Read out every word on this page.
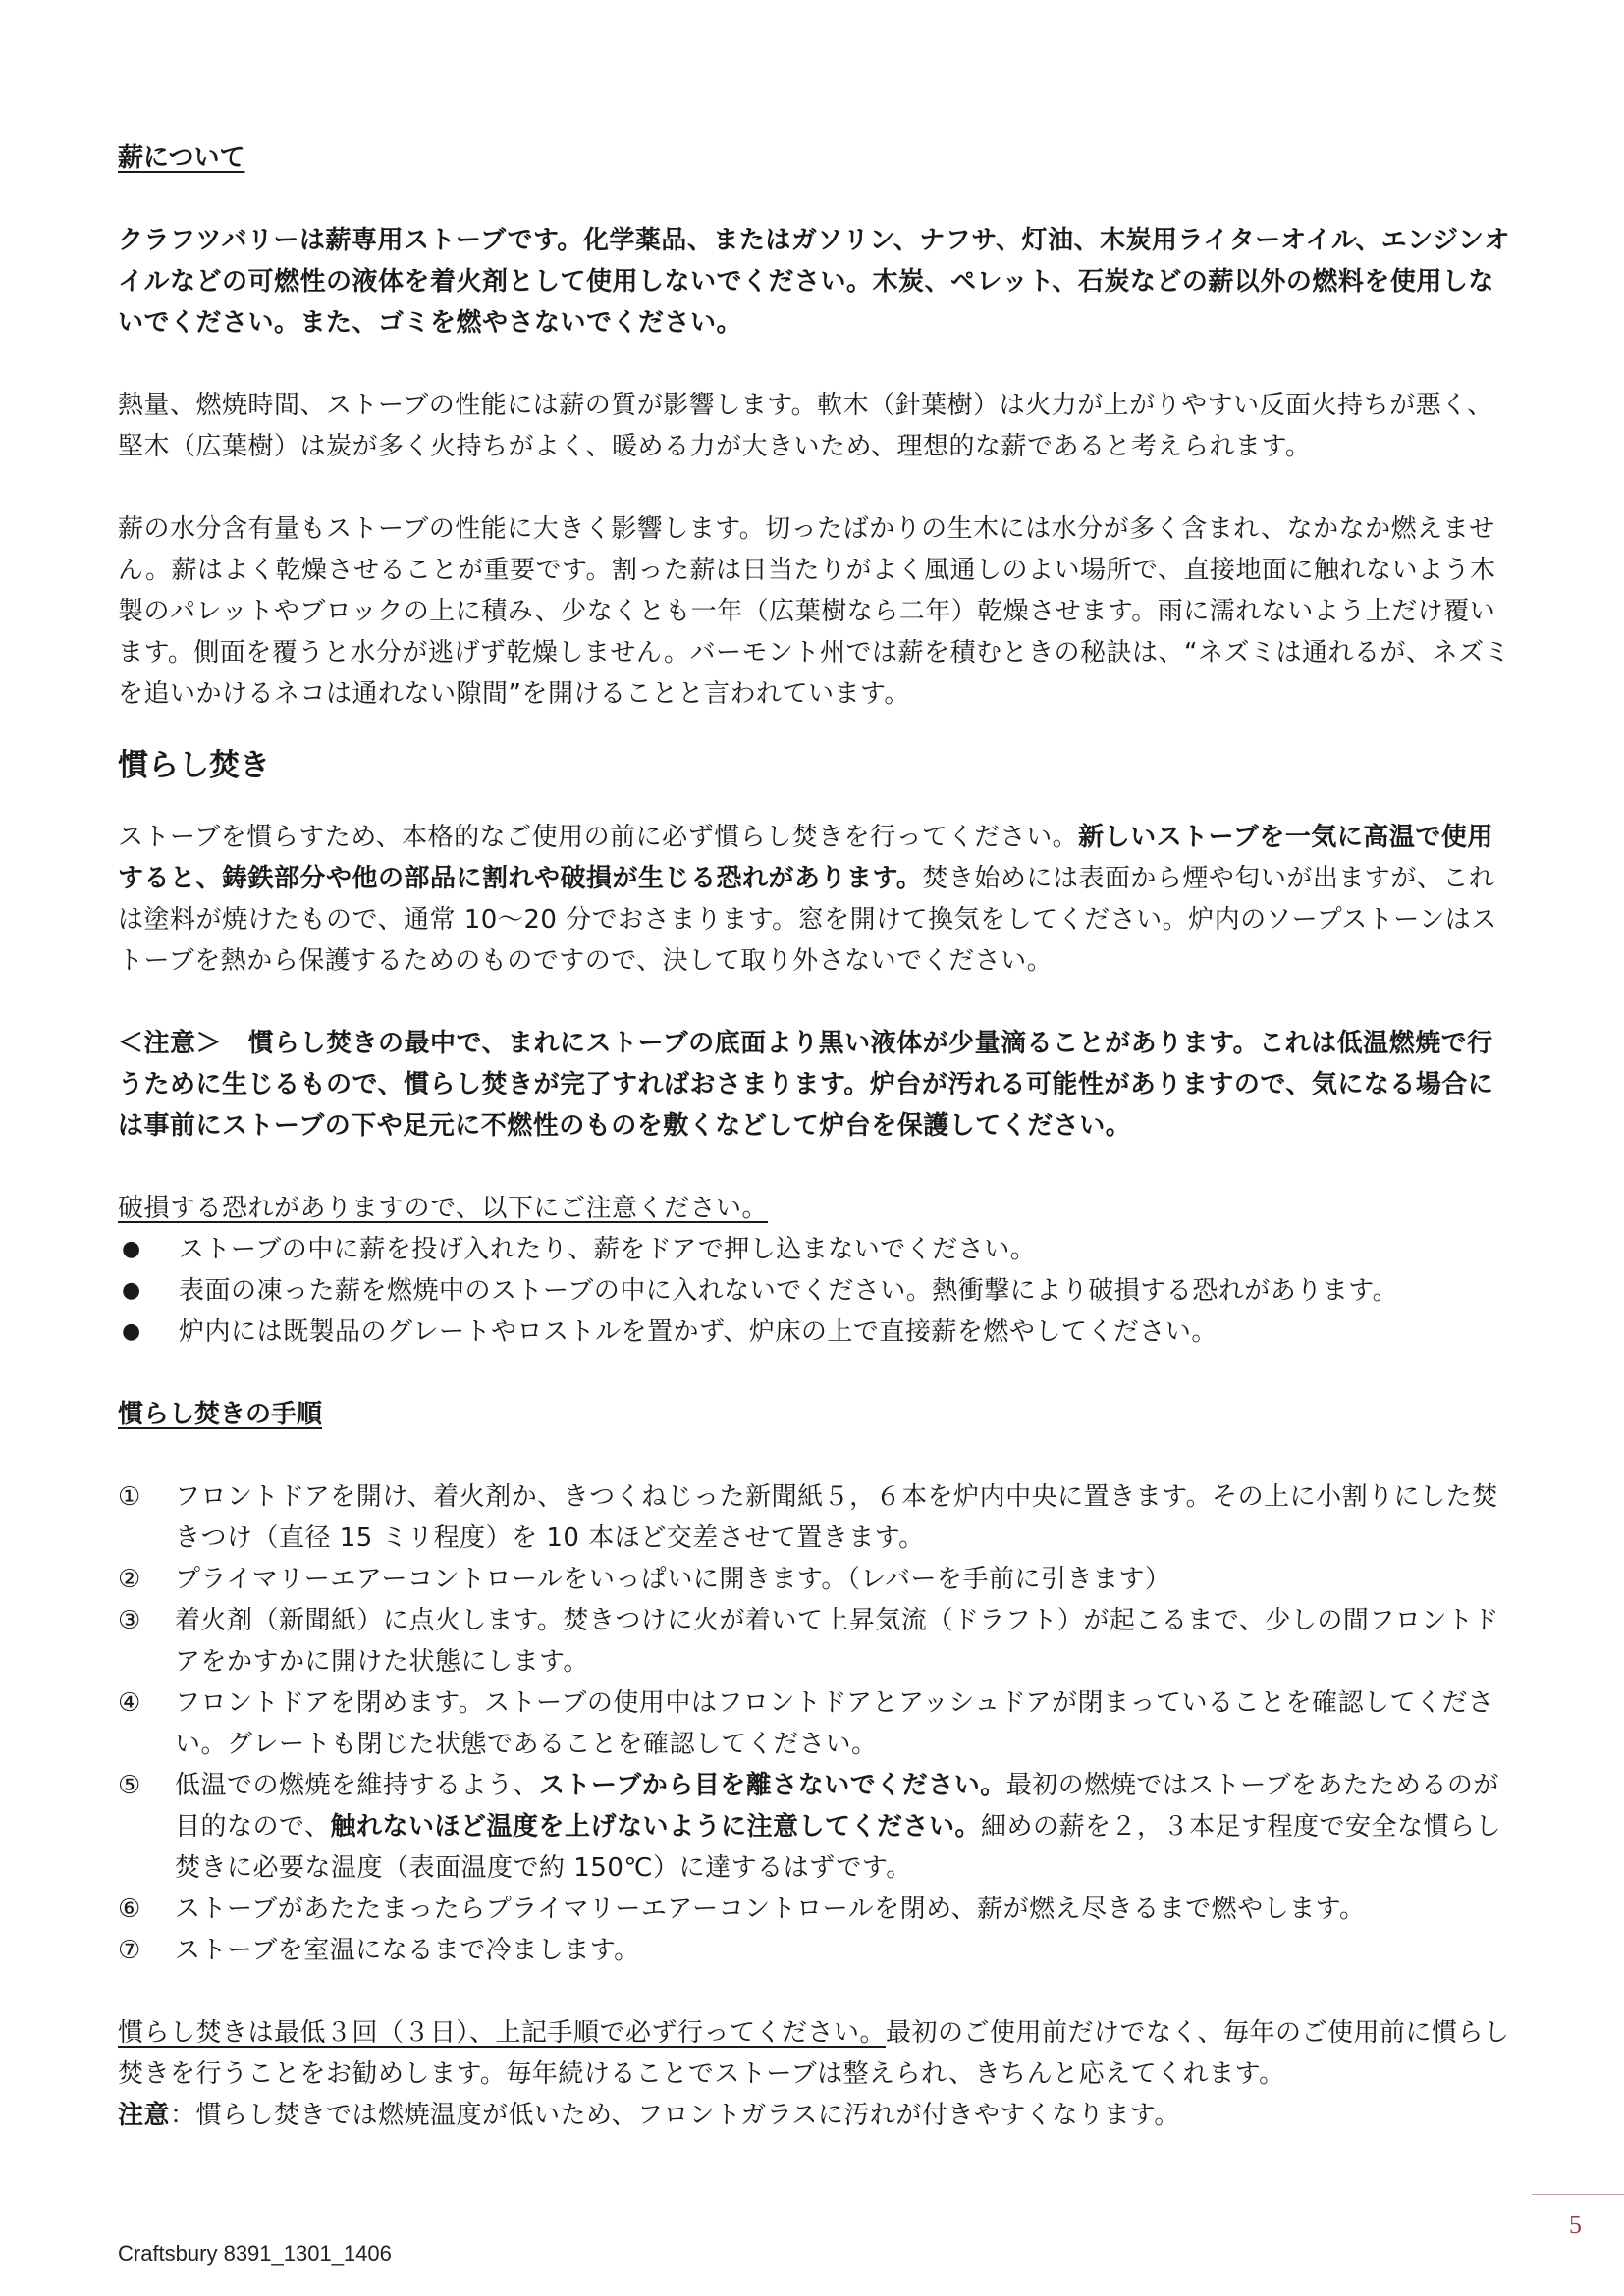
薪について

クラフツバリーは薪専用ストーブです。化学薬品、またはガソリン、ナフサ、灯油、木炭用ライターオイル、エンジンオイルなどの可燃性の液体を着火剤として使用しないでください。木炭、ペレット、石炭などの薪以外の燃料を使用しないでください。また、ゴミを燃やさないでください。

熱量、燃焼時間、ストーブの性能には薪の質が影響します。軟木（針葉樹）は火力が上がりやすい反面火持ちが悪く、堅木（広葉樹）は炭が多く火持ちがよく、暖める力が大きいため、理想的な薪であると考えられます。

薪の水分含有量もストーブの性能に大きく影響します。切ったばかりの生木には水分が多く含まれ、なかなか燃えません。薪はよく乾燥させることが重要です。割った薪は日当たりがよく風通しのよい場所で、直接地面に触れないよう木製のパレットやブロックの上に積み、少なくとも一年（広葉樹なら二年）乾燥させます。雨に濡れないよう上だけ覆います。側面を覆うと水分が逃げず乾燥しません。バーモント州では薪を積むときの秘訣は、“ネズミは通れるが、ネズミを追いかけるネコは通れない隙間”を開けることと言われています。

慣らし焚き

ストーブを慣らすため、本格的なご使用の前に必ず慣らし焚きを行ってください。新しいストーブを一気に高温で使用すると、鋳鉄部分や他の部品に割れや破損が生じる恐れがあります。焚き始めには表面から煙や匂いが出ますが、これは塗料が焼けたもので、通常 10～20 分でおさまります。窓を開けて換気をしてください。炉内のソープストーンはストーブを熱から保護するためのものですので、決して取り外さないでください。

＜注意＞　慣らし焚きの最中で、まれにストーブの底面より黒い液体が少量滴ることがあります。これは低温燃焼で行うために生じるもので、慣らし焚きが完了すればおさまります。炉台が汚れる可能性がありますので、気になる場合には事前にストーブの下や足元に不燃性のものを敷くなどして炉台を保護してください。

破損する恐れがありますので、以下にご注意ください。

●	ストーブの中に薪を投げ入れたり、薪をドアで押し込まないでください。
●	表面の凍った薪を燃焼中のストーブの中に入れないでください。熱衝撃により破損する恐れがあります。
●	炉内には既製品のグレートやロストルを置かず、炉床の上で直接薪を燃やしてください。

慣らし焚きの手順

①	フロントドアを開け、着火剤か、きつくねじった新聞紙５，６本を炉内中央に置きます。その上に小割りにした焚きつけ（直径 15 ミリ程度）を 10 本ほど交差させて置きます。
②	プライマリーエアーコントロールをいっぱいに開きます。（レバーを手前に引きます）
③	着火剤（新聞紙）に点火します。焚きつけに火が着いて上昇気流（ドラフト）が起こるまで、少しの間フロントドアをかすかに開けた状態にします。
④	フロントドアを閉めます。ストーブの使用中はフロントドアとアッシュドアが閉まっていることを確認してください。グレートも閉じた状態であることを確認してください。
⑤	低温での燃焼を維持するよう、ストーブから目を離さないでください。最初の燃焼ではストーブをあたためるのが目的なので、触れないほど温度を上げないように注意してください。細めの薪を２，３本足す程度で安全な慣らし焚きに必要な温度（表面温度で約 150℃）に達するはずです。
⑥	ストーブがあたたまったらプライマリーエアーコントロールを閉め、薪が燃え尽きるまで燃やします。
⑦	ストーブを室温になるまで冷まします。

慣らし焚きは最低３回（３日）、上記手順で必ず行ってください。最初のご使用前だけでなく、毎年のご使用前に慣らし焚きを行うことをお勧めします。毎年続けることでストーブは整えられ、きちんと応えてくれます。

注意：慣らし焚きでは燃焼温度が低いため、フロントガラスに汚れが付きやすくなります。

5
Craftsbury 8391_1301_1406
